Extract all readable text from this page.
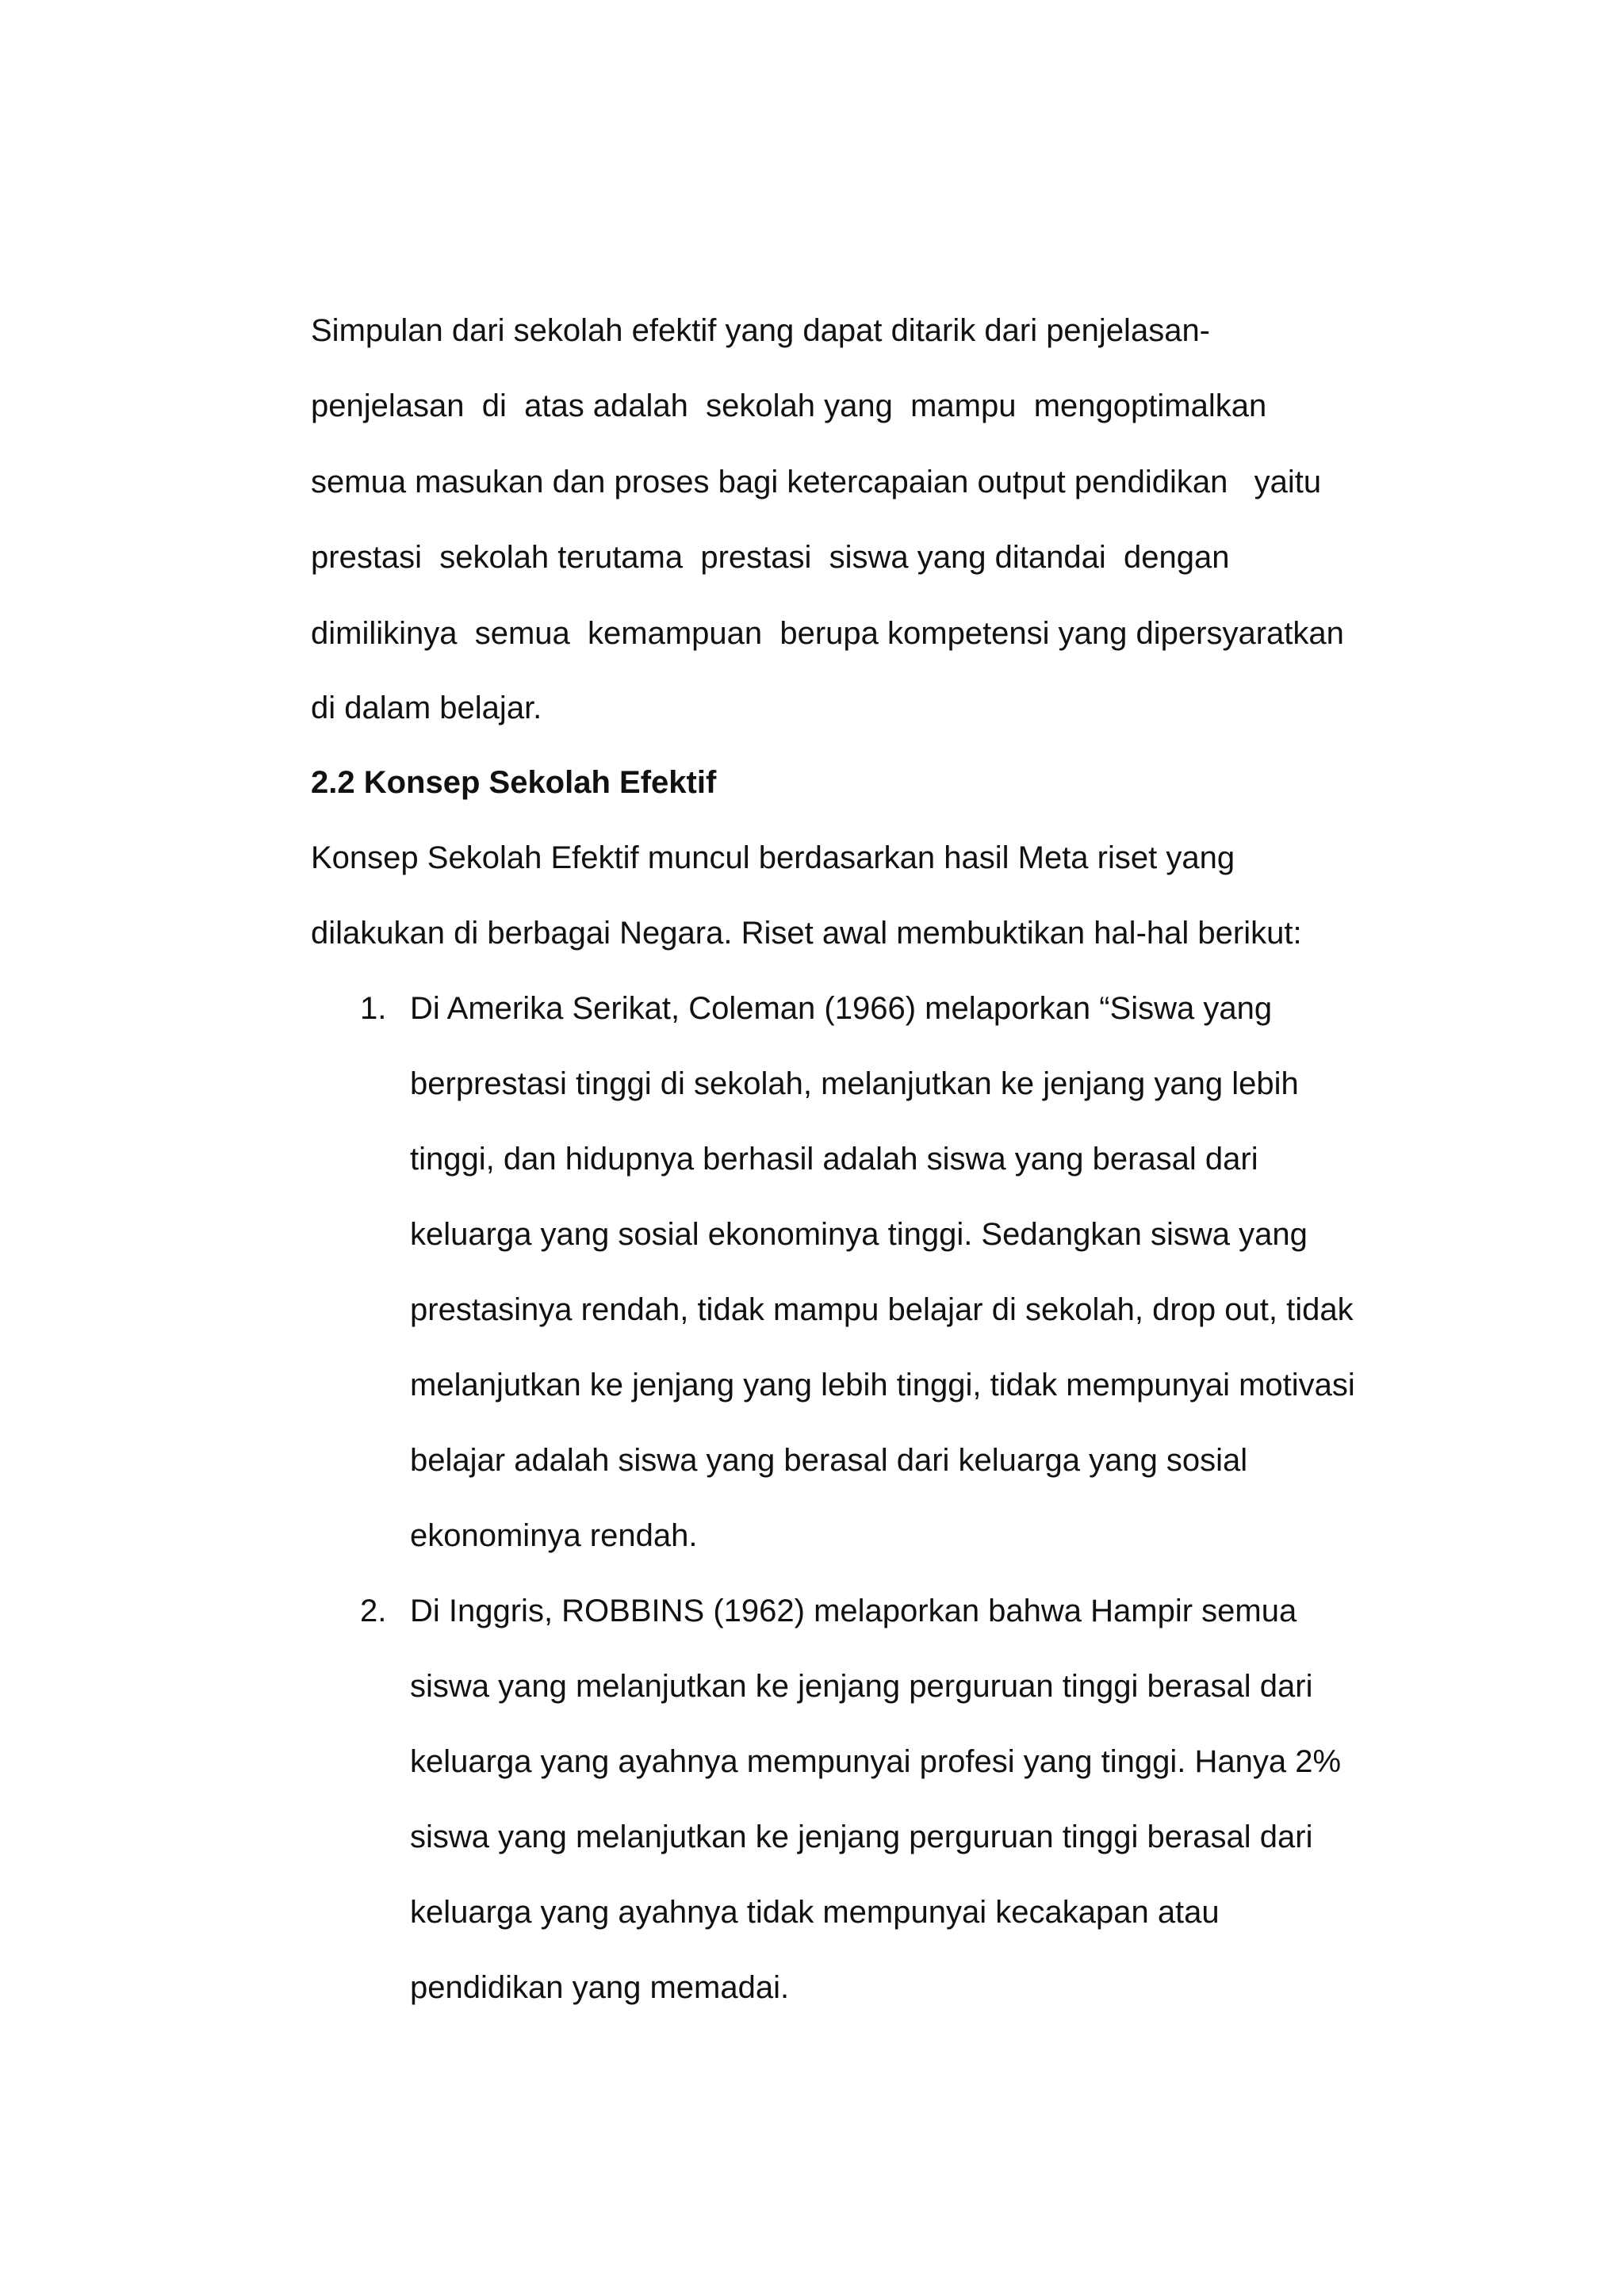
Simpulan dari sekolah efektif yang dapat ditarik dari penjelasan-

penjelasan  di  atas adalah  sekolah yang  mampu  mengoptimalkan

semua masukan dan proses bagi ketercapaian output pendidikan   yaitu

prestasi  sekolah terutama  prestasi  siswa yang ditandai  dengan

dimilikinya  semua  kemampuan  berupa kompetensi yang dipersyaratkan

di dalam belajar.

2.2 Konsep Sekolah Efektif

Konsep Sekolah Efektif muncul berdasarkan hasil Meta riset yang

dilakukan di berbagai Negara. Riset awal membuktikan hal-hal berikut:

1. Di Amerika Serikat, Coleman (1966) melaporkan “Siswa yang

berprestasi tinggi di sekolah, melanjutkan ke jenjang yang lebih

tinggi, dan hidupnya berhasil adalah siswa yang berasal dari

keluarga yang sosial ekonominya tinggi. Sedangkan siswa yang

prestasinya rendah, tidak mampu belajar di sekolah, drop out, tidak

melanjutkan ke jenjang yang lebih tinggi, tidak mempunyai motivasi

belajar adalah siswa yang berasal dari keluarga yang sosial

ekonominya rendah.

2. Di Inggris, ROBBINS (1962) melaporkan bahwa Hampir semua

siswa yang melanjutkan ke jenjang perguruan tinggi berasal dari

keluarga yang ayahnya mempunyai profesi yang tinggi. Hanya 2%

siswa yang melanjutkan ke jenjang perguruan tinggi berasal dari

keluarga yang ayahnya tidak mempunyai kecakapan atau

pendidikan yang memadai.
